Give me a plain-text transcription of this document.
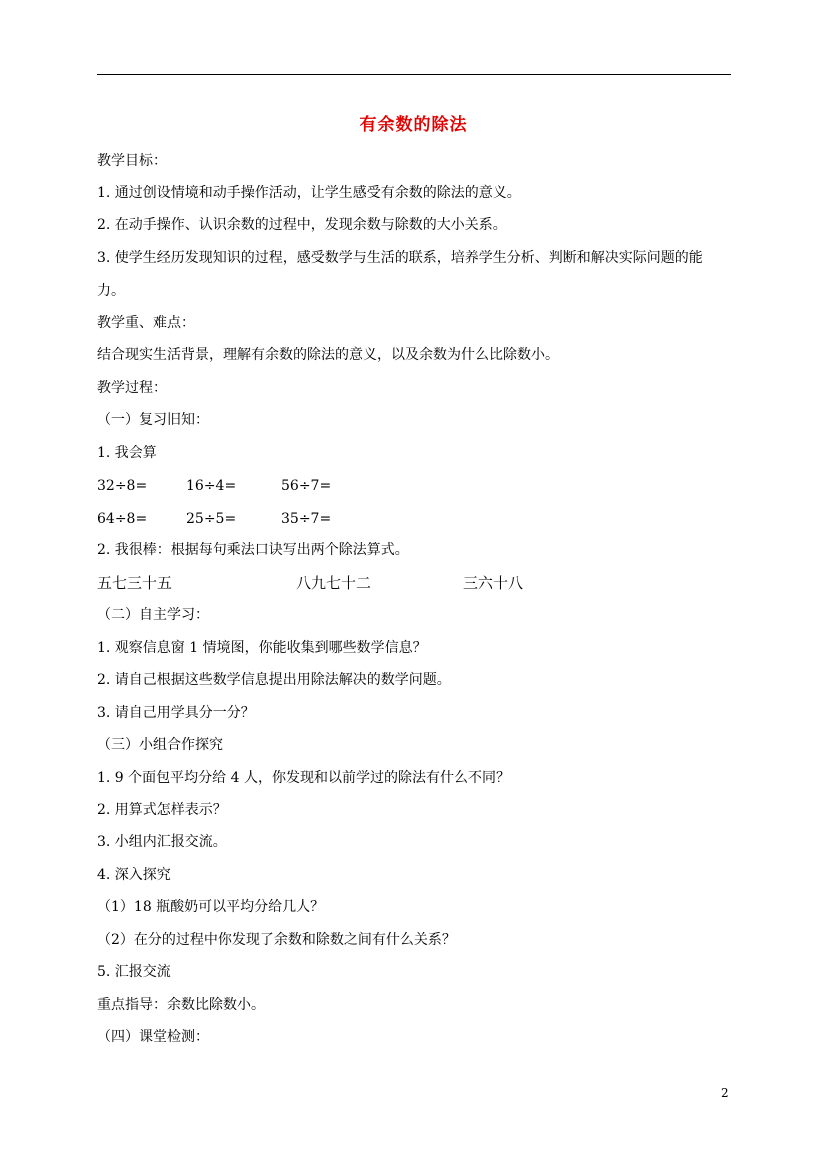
有余数的除法
教学目标：
1. 通过创设情境和动手操作活动，让学生感受有余数的除法的意义。
2. 在动手操作、认识余数的过程中，发现余数与除数的大小关系。
3. 使学生经历发现知识的过程，感受数学与生活的联系，培养学生分析、判断和解决实际问题的能
力。
教学重、难点：
结合现实生活背景，理解有余数的除法的意义，以及余数为什么比除数小。
教学过程：
（一）复习旧知：
1. 我会算
32÷8=	16÷4=	56÷7=
64÷8=	25÷5=	35÷7=
2. 我很棒：根据每句乘法口诀写出两个除法算式。
五七三十五	八九七十二	三六十八
（二）自主学习：
1. 观察信息窗 1 情境图，你能收集到哪些数学信息？
2. 请自己根据这些数学信息提出用除法解决的数学问题。
3. 请自己用学具分一分？
（三）小组合作探究
1. 9 个面包平均分给 4 人，你发现和以前学过的除法有什么不同？
2. 用算式怎样表示？
3. 小组内汇报交流。
4. 深入探究
（1）18 瓶酸奶可以平均分给几人？
（2）在分的过程中你发现了余数和除数之间有什么关系？
5. 汇报交流
重点指导：余数比除数小。
（四）课堂检测：
2
